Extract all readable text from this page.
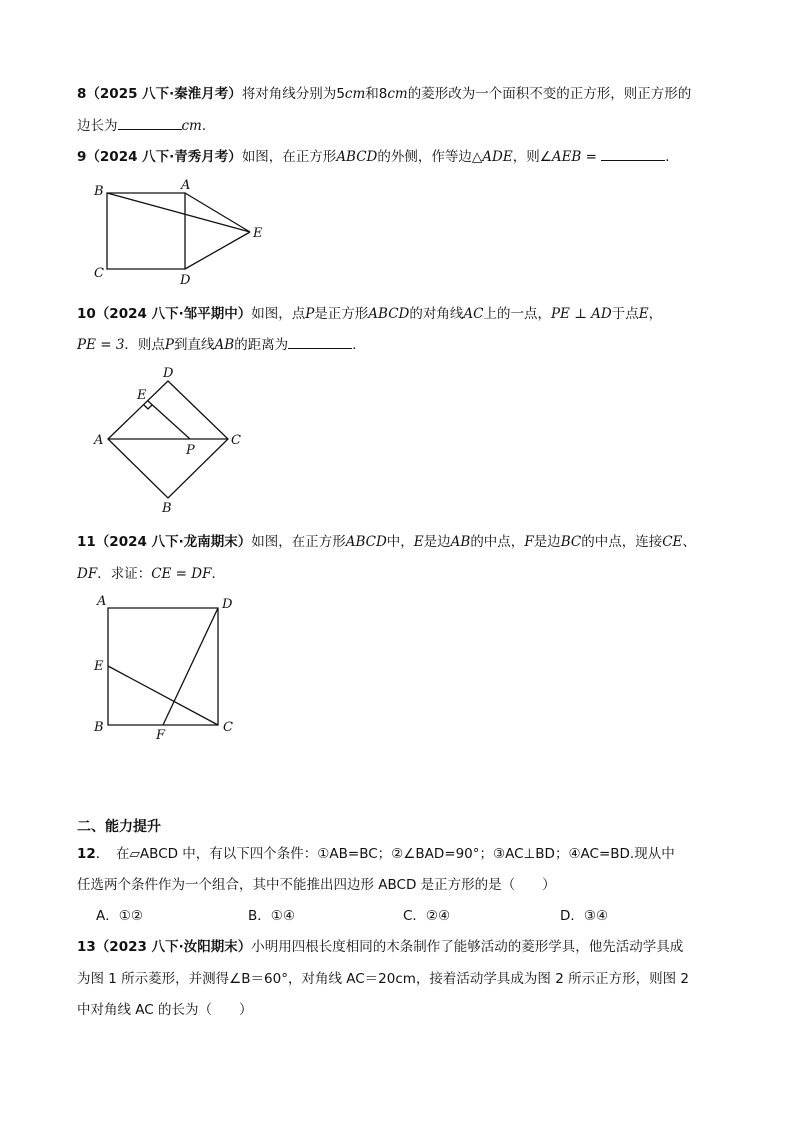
8（2025 八下·秦淮月考）将对角线分别为5cm和8cm的菱形改为一个面积不变的正方形，则正方形的
边长为	cm.
9（2024 八下·青秀月考）如图，在正方形ABCD的外侧，作等边△ADE，则∠AEB =	．
B	A
C	D
E
10（2024 八下·邹平期中）如图，点P是正方形ABCD的对角线AC上的一点，PE ⊥ AD于点E，
PE = 3．则点P到直线AB的距离为	．
D
E
A	C
P
B
11（2024 八下·龙南期末）如图，在正方形ABCD中，E是边AB的中点，F是边BC的中点，连接CE、
DF．求证：CE = DF．
A	D
E
B
F
C
二、能力提升
12．　在▱ABCD 中，有以下四个条件：①AB=BC；②∠BAD=90°；③AC⊥BD；④AC=BD.现从中
任选两个条件作为一个组合，其中不能推出四边形 ABCD 是正方形的是（　　）
A．①②	B．①④	C．②④	D．③④
13（2023 八下·汝阳期末）小明用四根长度相同的木条制作了能够活动的菱形学具，他先活动学具成
为图 1 所示菱形，并测得∠B＝60°，对角线 AC＝20cm，接着活动学具成为图 2 所示正方形，则图 2
中对角线 AC 的长为（　　）
